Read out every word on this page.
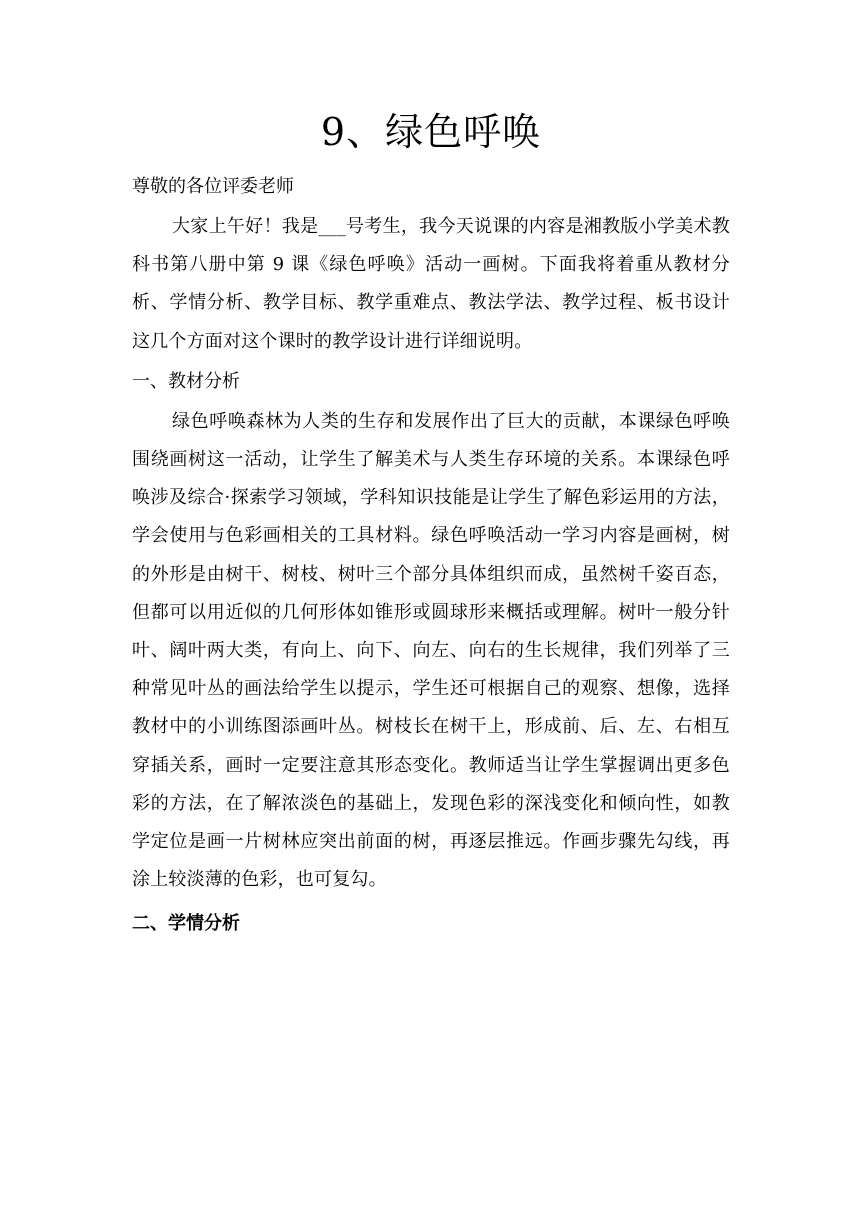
9、绿色呼唤

尊敬的各位评委老师

大家上午好！我是___号考生，我今天说课的内容是湘教版小学美术教科书第八册中第 9 课《绿色呼唤》活动一画树。下面我将着重从教材分析、学情分析、教学目标、教学重难点、教法学法、教学过程、板书设计这几个方面对这个课时的教学设计进行详细说明。

一、教材分析

绿色呼唤森林为人类的生存和发展作出了巨大的贡献，本课绿色呼唤围绕画树这一活动，让学生了解美术与人类生存环境的关系。本课绿色呼唤涉及综合·探索学习领域，学科知识技能是让学生了解色彩运用的方法，学会使用与色彩画相关的工具材料。绿色呼唤活动一学习内容是画树，树的外形是由树干、树枝、树叶三个部分具体组织而成，虽然树千姿百态，但都可以用近似的几何形体如锥形或圆球形来概括或理解。树叶一般分针叶、阔叶两大类，有向上、向下、向左、向右的生长规律，我们列举了三种常见叶丛的画法给学生以提示，学生还可根据自己的观察、想像，选择教材中的小训练图添画叶丛。树枝长在树干上，形成前、后、左、右相互穿插关系，画时一定要注意其形态变化。教师适当让学生掌握调出更多色彩的方法，在了解浓淡色的基础上，发现色彩的深浅变化和倾向性，如教学定位是画一片树林应突出前面的树，再逐层推远。作画步骤先勾线，再涂上较淡薄的色彩，也可复勾。

二、学情分析
